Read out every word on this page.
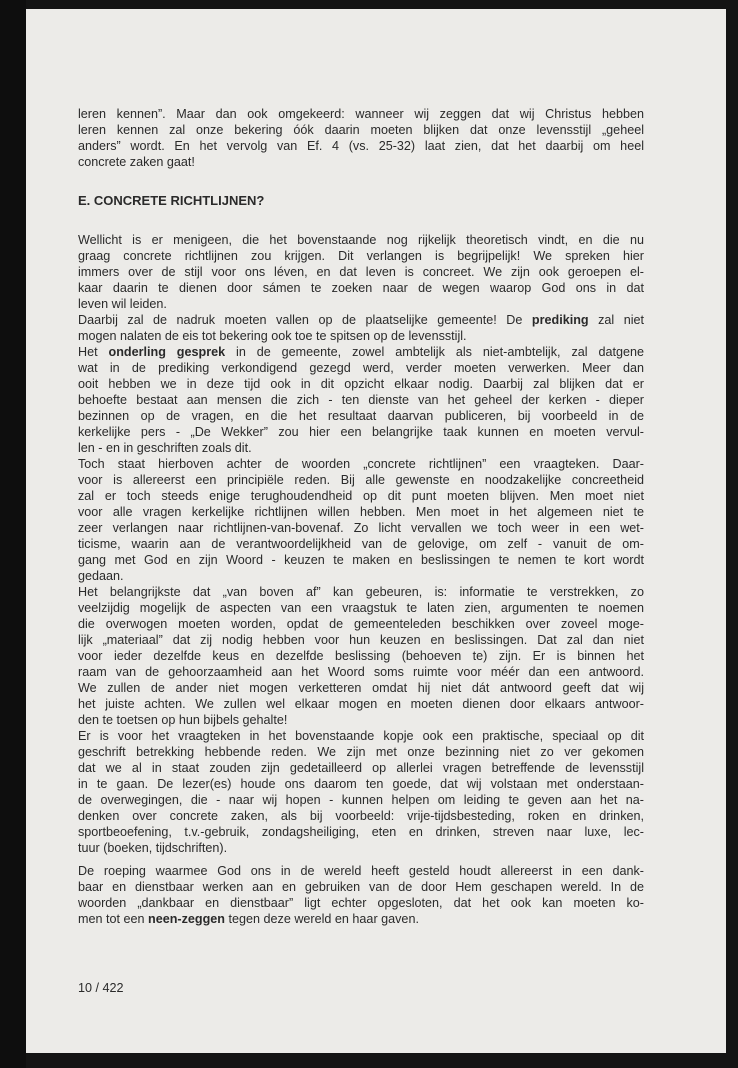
leren kennen”. Maar dan ook omgekeerd: wanneer wij zeggen dat wij Christus hebben
leren kennen zal onze bekering óók daarin moeten blijken dat onze levensstijl „geheel
anders” wordt. En het vervolg van Ef. 4 (vs. 25-32) laat zien, dat het daarbij om heel
concrete zaken gaat!
E. CONCRETE RICHTLIJNEN?
Wellicht is er menigeen, die het bovenstaande nog rijkelijk theoretisch vindt, en die nu
graag concrete richtlijnen zou krijgen. Dit verlangen is begrijpelijk! We spreken hier
immers over de stijl voor ons léven, en dat leven is concreet. We zijn ook geroepen el-
kaar daarin te dienen door sámen te zoeken naar de wegen waarop God ons in dat
leven wil leiden.
Daarbij zal de nadruk moeten vallen op de plaatselijke gemeente! De prediking zal niet
mogen nalaten de eis tot bekering ook toe te spitsen op de levensstijl.
Het onderling gesprek in de gemeente, zowel ambtelijk als niet-ambtelijk, zal datgene
wat in de prediking verkondigend gezegd werd, verder moeten verwerken. Meer dan
ooit hebben we in deze tijd ook in dit opzicht elkaar nodig. Daarbij zal blijken dat er
behoefte bestaat aan mensen die zich - ten dienste van het geheel der kerken - dieper
bezinnen op de vragen, en die het resultaat daarvan publiceren, bij voorbeeld in de
kerkelijke pers - „De Wekker” zou hier een belangrijke taak kunnen en moeten vervul-
len - en in geschriften zoals dit.
Toch staat hierboven achter de woorden „concrete richtlijnen” een vraagteken. Daar-
voor is allereerst een principiële reden. Bij alle gewenste en noodzakelijke concreetheid
zal er toch steeds enige terughoudendheid op dit punt moeten blijven. Men moet niet
voor alle vragen kerkelijke richtlijnen willen hebben. Men moet in het algemeen niet te
zeer verlangen naar richtlijnen-van-bovenaf. Zo licht vervallen we toch weer in een wet-
ticisme, waarin aan de verantwoordelijkheid van de gelovige, om zelf - vanuit de om-
gang met God en zijn Woord - keuzen te maken en beslissingen te nemen te kort wordt
gedaan.
Het belangrijkste dat „van boven af” kan gebeuren, is: informatie te verstrekken, zo
veelzijdig mogelijk de aspecten van een vraagstuk te laten zien, argumenten te noemen
die overwogen moeten worden, opdat de gemeenteleden beschikken over zoveel moge-
lijk „materiaal” dat zij nodig hebben voor hun keuzen en beslissingen. Dat zal dan niet
voor ieder dezelfde keus en dezelfde beslissing (behoeven te) zijn. Er is binnen het
raam van de gehoorzaamheid aan het Woord soms ruimte voor méér dan een antwoord.
We zullen de ander niet mogen verketteren omdat hij niet dát antwoord geeft dat wij
het juiste achten. We zullen wel elkaar mogen en moeten dienen door elkaars antwoor-
den te toetsen op hun bijbels gehalte!
Er is voor het vraagteken in het bovenstaande kopje ook een praktische, speciaal op dit
geschrift betrekking hebbende reden. We zijn met onze bezinning niet zo ver gekomen
dat we al in staat zouden zijn gedetailleerd op allerlei vragen betreffende de levensstijl
in te gaan. De lezer(es) houde ons daarom ten goede, dat wij volstaan met onderstaan-
de overwegingen, die - naar wij hopen - kunnen helpen om leiding te geven aan het na-
denken over concrete zaken, als bij voorbeeld: vrije-tijdsbesteding, roken en drinken,
sportbeoefening, t.v.-gebruik, zondagsheiliging, eten en drinken, streven naar luxe, lec-
tuur (boeken, tijdschriften).
De roeping waarmee God ons in de wereld heeft gesteld houdt allereerst in een dank-
baar en dienstbaar werken aan en gebruiken van de door Hem geschapen wereld. In de
woorden „dankbaar en dienstbaar” ligt echter opgesloten, dat het ook kan moeten ko-
men tot een neen-zeggen tegen deze wereld en haar gaven.
10 / 422
